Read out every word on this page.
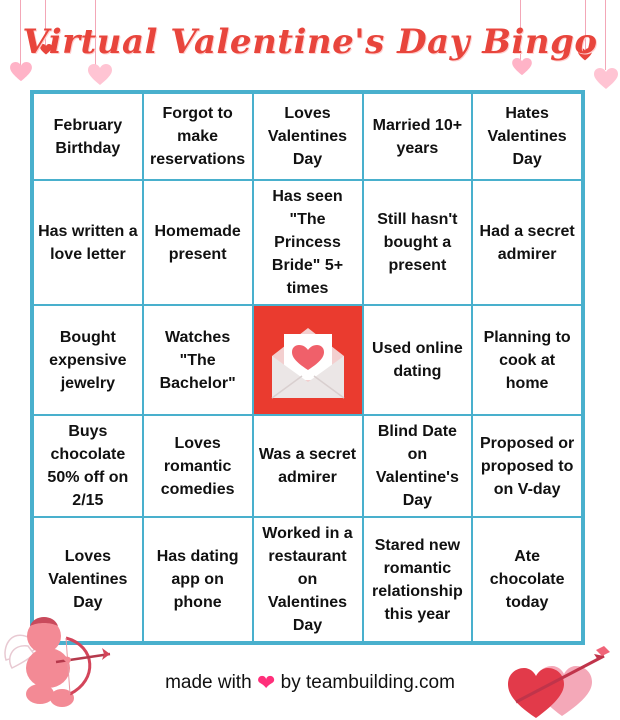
Virtual Valentine's Day Bingo
February Birthday
Forgot to make reservations
Loves Valentines Day
Married 10+ years
Hates Valentines Day
Has written a love letter
Homemade present
Has seen "The Princess Bride" 5+ times
Still hasn't bought a present
Had a secret admirer
Bought expensive jewelry
Watches "The Bachelor"
Used online dating
Planning to cook at home
Buys chocolate 50% off on 2/15
Loves romantic comedies
Was a secret admirer
Blind Date on Valentine's Day
Proposed or proposed to on V-day
Loves Valentines Day
Has dating app on phone
Worked in a restaurant on Valentines Day
Stared new romantic relationship this year
Ate chocolate today
made with ❤ by teambuilding.com
